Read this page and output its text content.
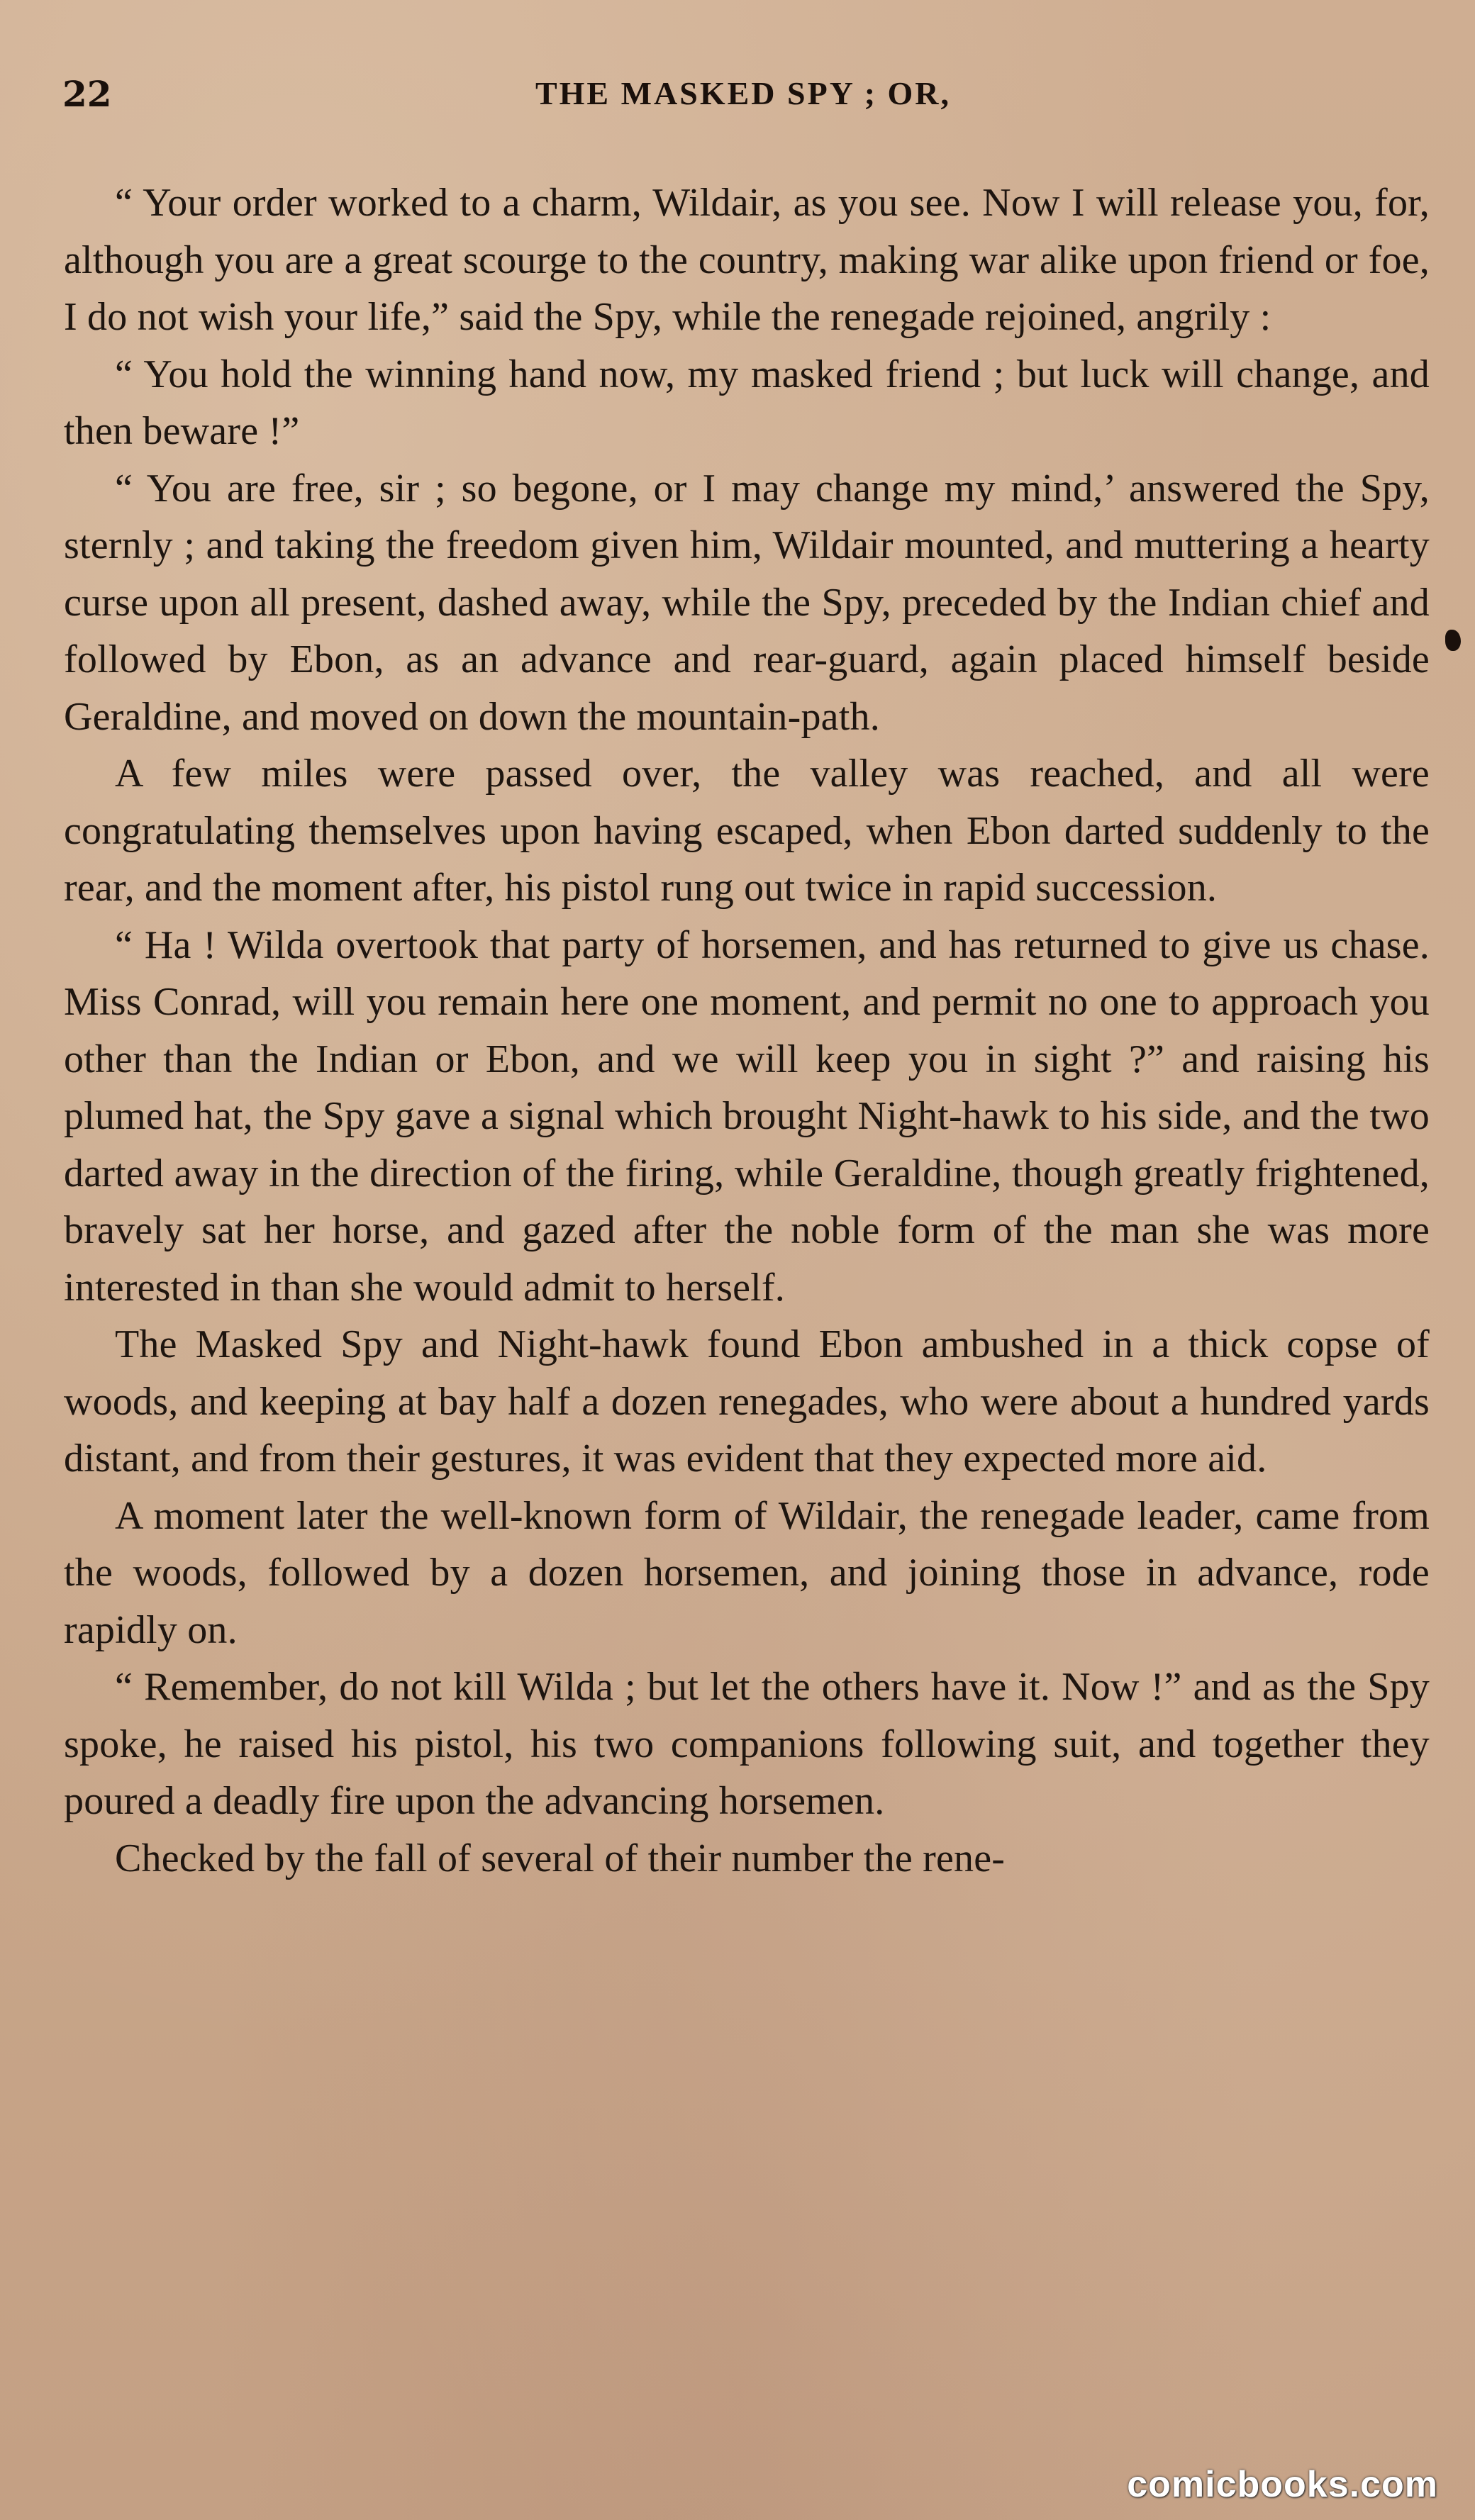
22	THE MASKED SPY ; OR,

“ Your order worked to a charm, Wildair, as you see. Now I will release you, for, although you are a great scourge to the country, making war alike upon friend or foe, I do not wish your life,” said the Spy, while the renegade rejoined, angrily :

“ You hold the winning hand now, my masked friend ; but luck will change, and then beware !”

“ You are free, sir ; so begone, or I may change my mind,’ answered the Spy, sternly ; and taking the freedom given him, Wildair mounted, and muttering a hearty curse upon all present, dashed away, while the Spy, preceded by the Indian chief and followed by Ebon, as an advance and rear-guard, again placed himself beside Geraldine, and moved on down the mountain-path.

A few miles were passed over, the valley was reached, and all were congratulating themselves upon having escaped, when Ebon darted suddenly to the rear, and the moment after, his pistol rung out twice in rapid succession.

“ Ha ! Wilda overtook that party of horsemen, and has returned to give us chase. Miss Conrad, will you remain here one moment, and permit no one to approach you other than the Indian or Ebon, and we will keep you in sight ?” and raising his plumed hat, the Spy gave a signal which brought Night-hawk to his side, and the two darted away in the direction of the firing, while Geraldine, though greatly frightened, bravely sat her horse, and gazed after the noble form of the man she was more interested in than she would admit to herself.

The Masked Spy and Night-hawk found Ebon ambushed in a thick copse of woods, and keeping at bay half a dozen renegades, who were about a hundred yards distant, and from their gestures, it was evident that they expected more aid.

A moment later the well-known form of Wildair, the renegade leader, came from the woods, followed by a dozen horsemen, and joining those in advance, rode rapidly on.

“ Remember, do not kill Wilda ; but let the others have it. Now !” and as the Spy spoke, he raised his pistol, his two companions following suit, and together they poured a deadly fire upon the advancing horsemen.

Checked by the fall of several of their number the rene-

comicbooks.com
